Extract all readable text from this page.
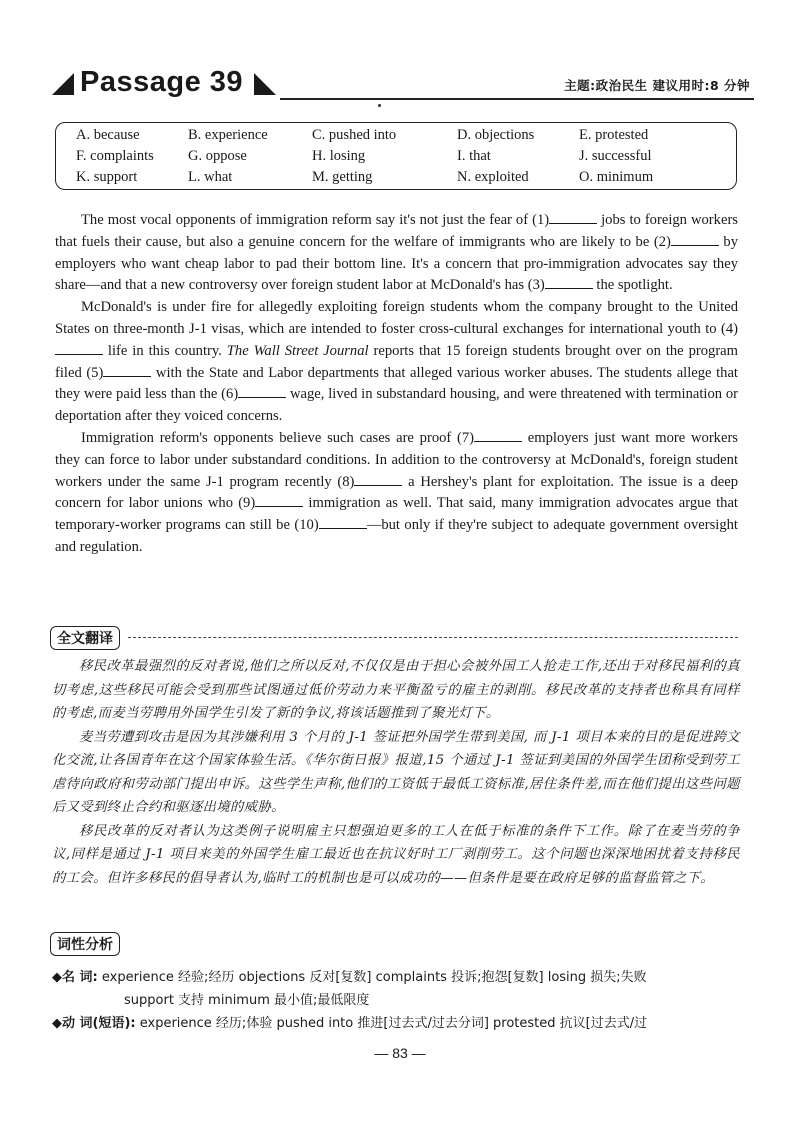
Passage 39	主题:政治民生 建议用时:8 分钟
A. because	B. experience	C. pushed into	D. objections	E. protested
F. complaints G. oppose	H. losing	I. that	J. successful
K. support	L. what	M. getting	N. exploited	O. minimum

The most vocal opponents of immigration reform say it's not just the fear of (1)	jobs to foreign workers that fuels their cause, but also a genuine concern for the welfare of immigrants who are likely to be (2)	by employers who want cheap labor to pad their bottom line. It's a concern that pro-immigration advocates say they share—and that a new controversy over foreign student labor at McDonald's has (3)	the spotlight.

McDonald's is under fire for allegedly exploiting foreign students whom the company brought to the United States on three-month J-1 visas, which are intended to foster cross-cultural exchanges for international youth to (4) life in this country. The Wall Street Journal reports that 15 foreign students brought over on the program filed (5)	with the State and Labor departments that alleged various worker abuses. The students allege that they were paid less than the (6)	wage, lived in substandard housing, and were threatened with termination or deportation after they voiced concerns.

Immigration reform's opponents believe such cases are proof (7)	employers just want more workers they can force to labor under substandard conditions. In addition to the controversy at McDonald's, foreign student workers under the same J-1 program recently (8)	a Hershey's plant for exploitation. The issue is a deep concern for labor unions who (9)	immigration as well. That said, many immigration advocates argue that temporary-worker programs can still be (10)	—but only if they're subject to adequate government oversight and regulation.

全文翻译

移民改革最强烈的反对者说,他们之所以反对,不仅仅是由于担心会被外国工人抢走工作,还出于对移民福利的真切考虑,这些移民可能会受到那些试图通过低价劳动力来平衡盈亏的雇主的剥削。移民改革的支持者也称具有同样的考虑,而麦当劳聘用外国学生引发了新的争议,将该话题推到了聚光灯下。

麦当劳遭到攻击是因为其涉嫌利用 3 个月的 J-1 签证把外国学生带到美国, 而 J-1 项目本来的目的是促进跨文化交流,让各国青年在这个国家体验生活。《华尔街日报》报道,15 个通过 J-1 签证到美国的外国学生团称受到劳工虐待向政府和劳动部门提出申诉。这些学生声称,他们的工资低于最低工资标准,居住条件差,而在他们提出这些问题后又受到终止合约和驱逐出境的威胁。

移民改革的反对者认为这类例子说明雇主只想强迫更多的工人在低于标准的条件下工作。除了在麦当劳的争议,同样是通过 J-1 项目来美的外国学生雇工最近也在抗议好时工厂剥削劳工。这个问题也深深地困扰着支持移民的工会。但许多移民的倡导者认为,临时工的机制也是可以成功的——但条件是要在政府足够的监督监管之下。

词性分析
◆名 词: experience 经验;经历 objections 反对[复数] complaints 投诉;抱怨[复数] losing 损失;失败
support 支持 minimum 最小值;最低限度
◆动 词(短语): experience 经历;体验 pushed into 推进[过去式/过去分词] protested 抗议[过去式/过
— 83 —
